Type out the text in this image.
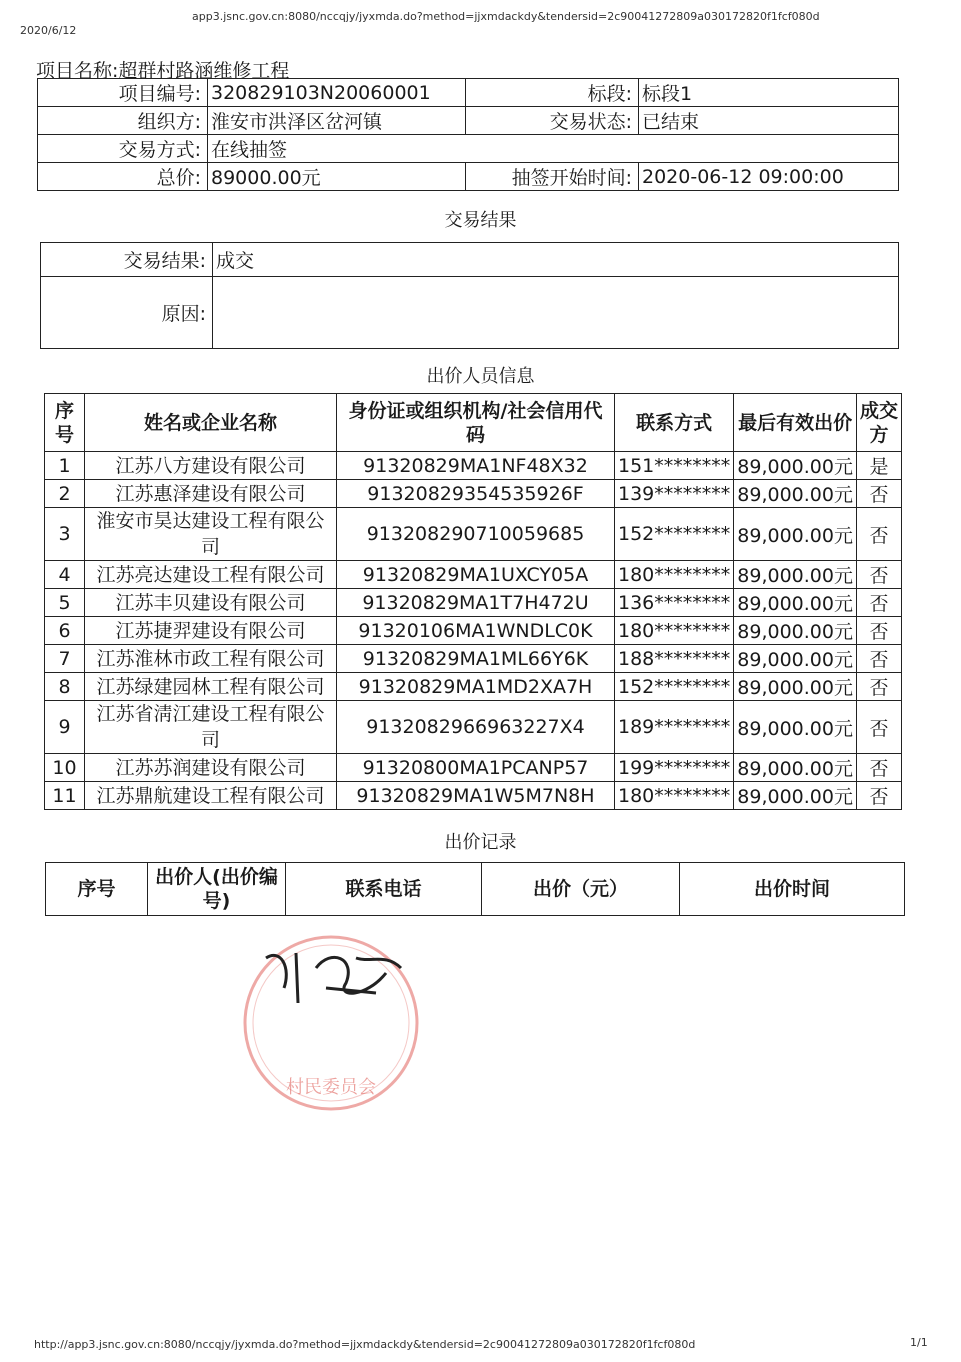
2020/6/12
app3.jsnc.gov.cn:8080/nccqjy/jyxmda.do?method=jjxmdackdy&tendersid=2c90041272809a030172820f1fcf080d
项目名称:超群村路涵维修工程
项目编号:	320829103N20060001	标段:	标段1
组织方:	淮安市洪泽区岔河镇	交易状态:	已结束
交易方式:	在线抽签		
总价:	89000.00元	抽签开始时间:	2020-06-12 09:00:00
交易结果
交易结果:	成交
原因:	
出价人员信息
序号	姓名或企业名称	身份证或组织机构/社会信用代码	联系方式	最后有效出价	成交方
1	江苏八方建设有限公司	91320829MA1NF48X32	151********	89,000.00元	是
2	江苏惠泽建设有限公司	913208293545359​26F	139********	89,000.00元	否
3	淮安市昊达建设工程有限公司	913208290710059685	152********	89,000.00元	否
4	江苏亮达建设工程有限公司	91320829MA1UXCY05A	180********	89,000.00元	否
5	江苏丰贝建设有限公司	91320829MA1T7H472U	136********	89,000.00元	否
6	江苏捷羿建设有限公司	91320106MA1WNDLC0K	180********	89,000.00元	否
7	江苏淮林市政工程有限公司	91320829MA1ML66Y6K	188********	89,000.00元	否
8	江苏绿建园林工程有限公司	91320829MA1MD2XA7H	152********	89,000.00元	否
9	江苏省淸江建设工程有限公司	913208296696322​7X4	189********	89,000.00元	否
10	江苏苏润建设有限公司	91320800MA1PCANP57	199********	89,000.00元	否
11	江苏鼎航建设工程有限公司	91320829MA1W5M7N8H	180********	89,000.00元	否
出价记录
序号	出价人(出价编号)	联系电话	出价（元）	出价时间
村民委员会
http://app3.jsnc.gov.cn:8080/nccqjy/jyxmda.do?method=jjxmdackdy&tendersid=2c90041272809a030172820f1fcf080d	1/1
